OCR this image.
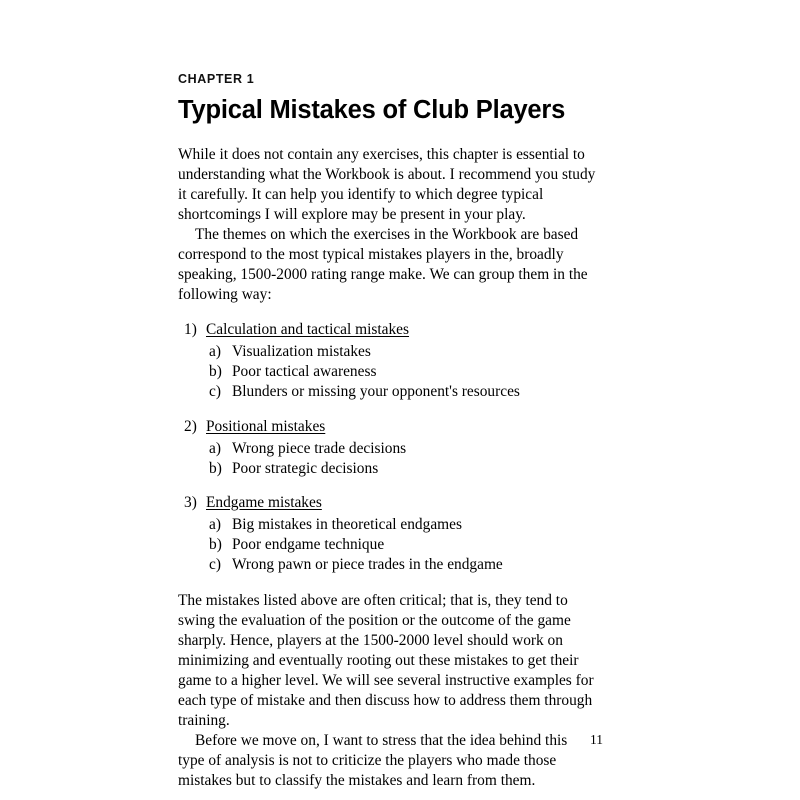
CHAPTER 1
Typical Mistakes of Club Players

While it does not contain any exercises, this chapter is essential to understanding what the Workbook is about. I recommend you study it carefully. It can help you identify to which degree typical shortcomings I will explore may be present in your play.

The themes on which the exercises in the Workbook are based correspond to the most typical mistakes players in the, broadly speaking, 1500-2000 rating range make. We can group them in the following way:

1) Calculation and tactical mistakes
a) Visualization mistakes
b) Poor tactical awareness
c) Blunders or missing your opponent's resources
2) Positional mistakes
a) Wrong piece trade decisions
b) Poor strategic decisions
3) Endgame mistakes
a) Big mistakes in theoretical endgames
b) Poor endgame technique
c) Wrong pawn or piece trades in the endgame

The mistakes listed above are often critical; that is, they tend to swing the evaluation of the position or the outcome of the game sharply. Hence, players at the 1500-2000 level should work on minimizing and eventually rooting out these mistakes to get their game to a higher level. We will see several instructive examples for each type of mistake and then discuss how to address them through training.

Before we move on, I want to stress that the idea behind this type of analysis is not to criticize the players who made those mistakes but to classify the mistakes and learn from them.

11
